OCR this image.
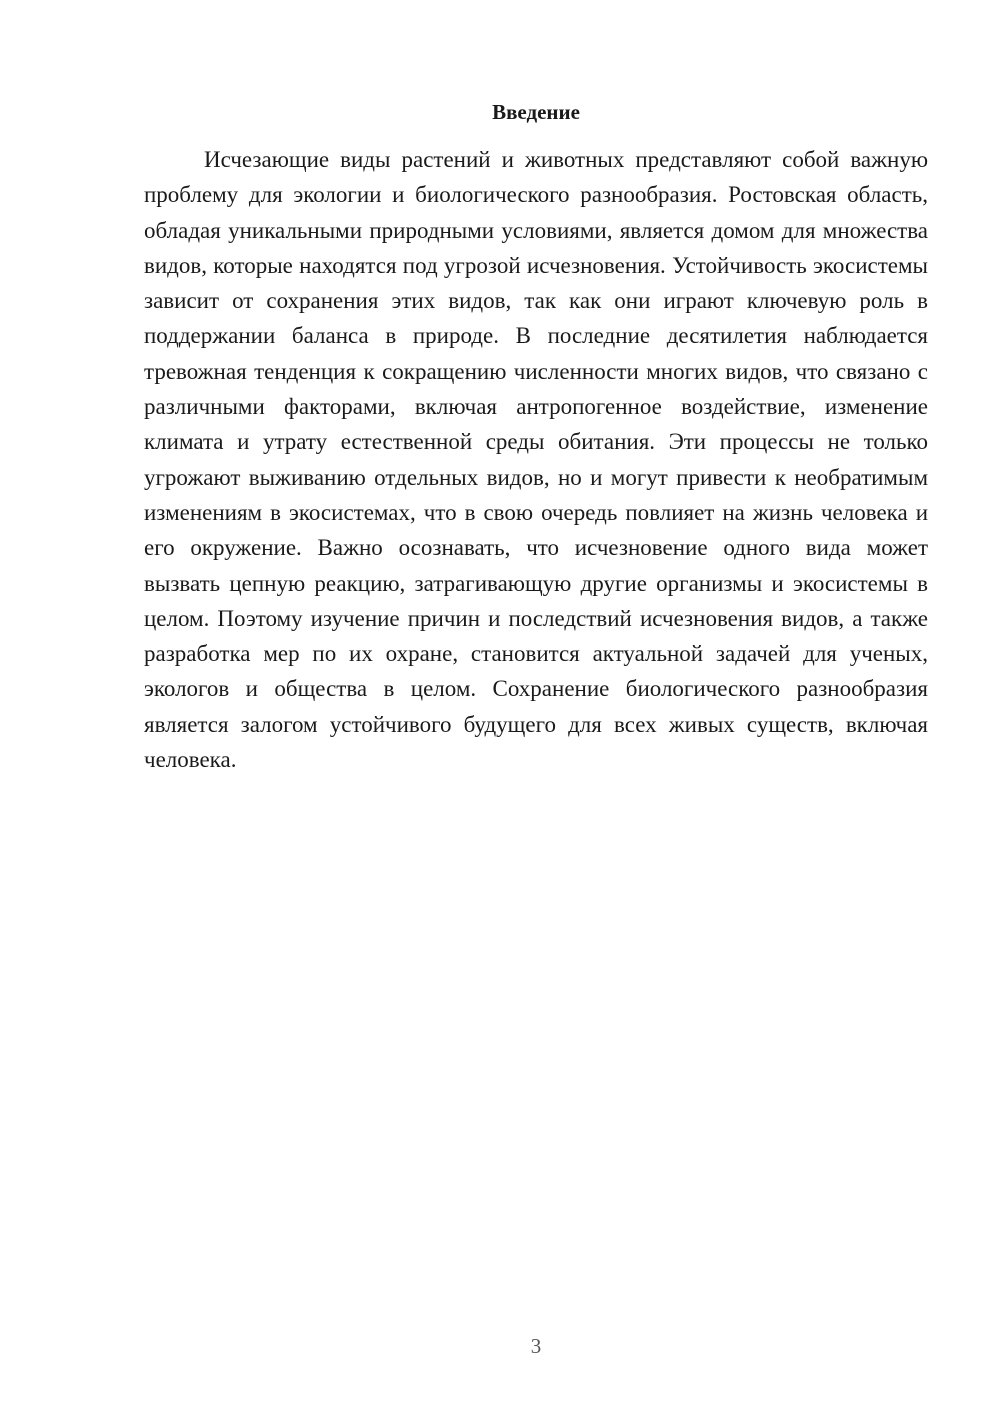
Введение

Исчезающие виды растений и животных представляют собой важную проблему для экологии и биологического разнообразия. Ростовская область, обладая уникальными природными условиями, является домом для множества видов, которые находятся под угрозой исчезновения. Устойчивость экосистемы зависит от сохранения этих видов, так как они играют ключевую роль в поддержании баланса в природе. В последние десятилетия наблюдается тревожная тенденция к сокращению численности многих видов, что связано с различными факторами, включая антропогенное воздействие, изменение климата и утрату естественной среды обитания. Эти процессы не только угрожают выживанию отдельных видов, но и могут привести к необратимым изменениям в экосистемах, что в свою очередь повлияет на жизнь человека и его окружение. Важно осознавать, что исчезновение одного вида может вызвать цепную реакцию, затрагивающую другие организмы и экосистемы в целом. Поэтому изучение причин и последствий исчезновения видов, а также разработка мер по их охране, становится актуальной задачей для ученых, экологов и общества в целом. Сохранение биологического разнообразия является залогом устойчивого будущего для всех живых существ, включая человека.

3
